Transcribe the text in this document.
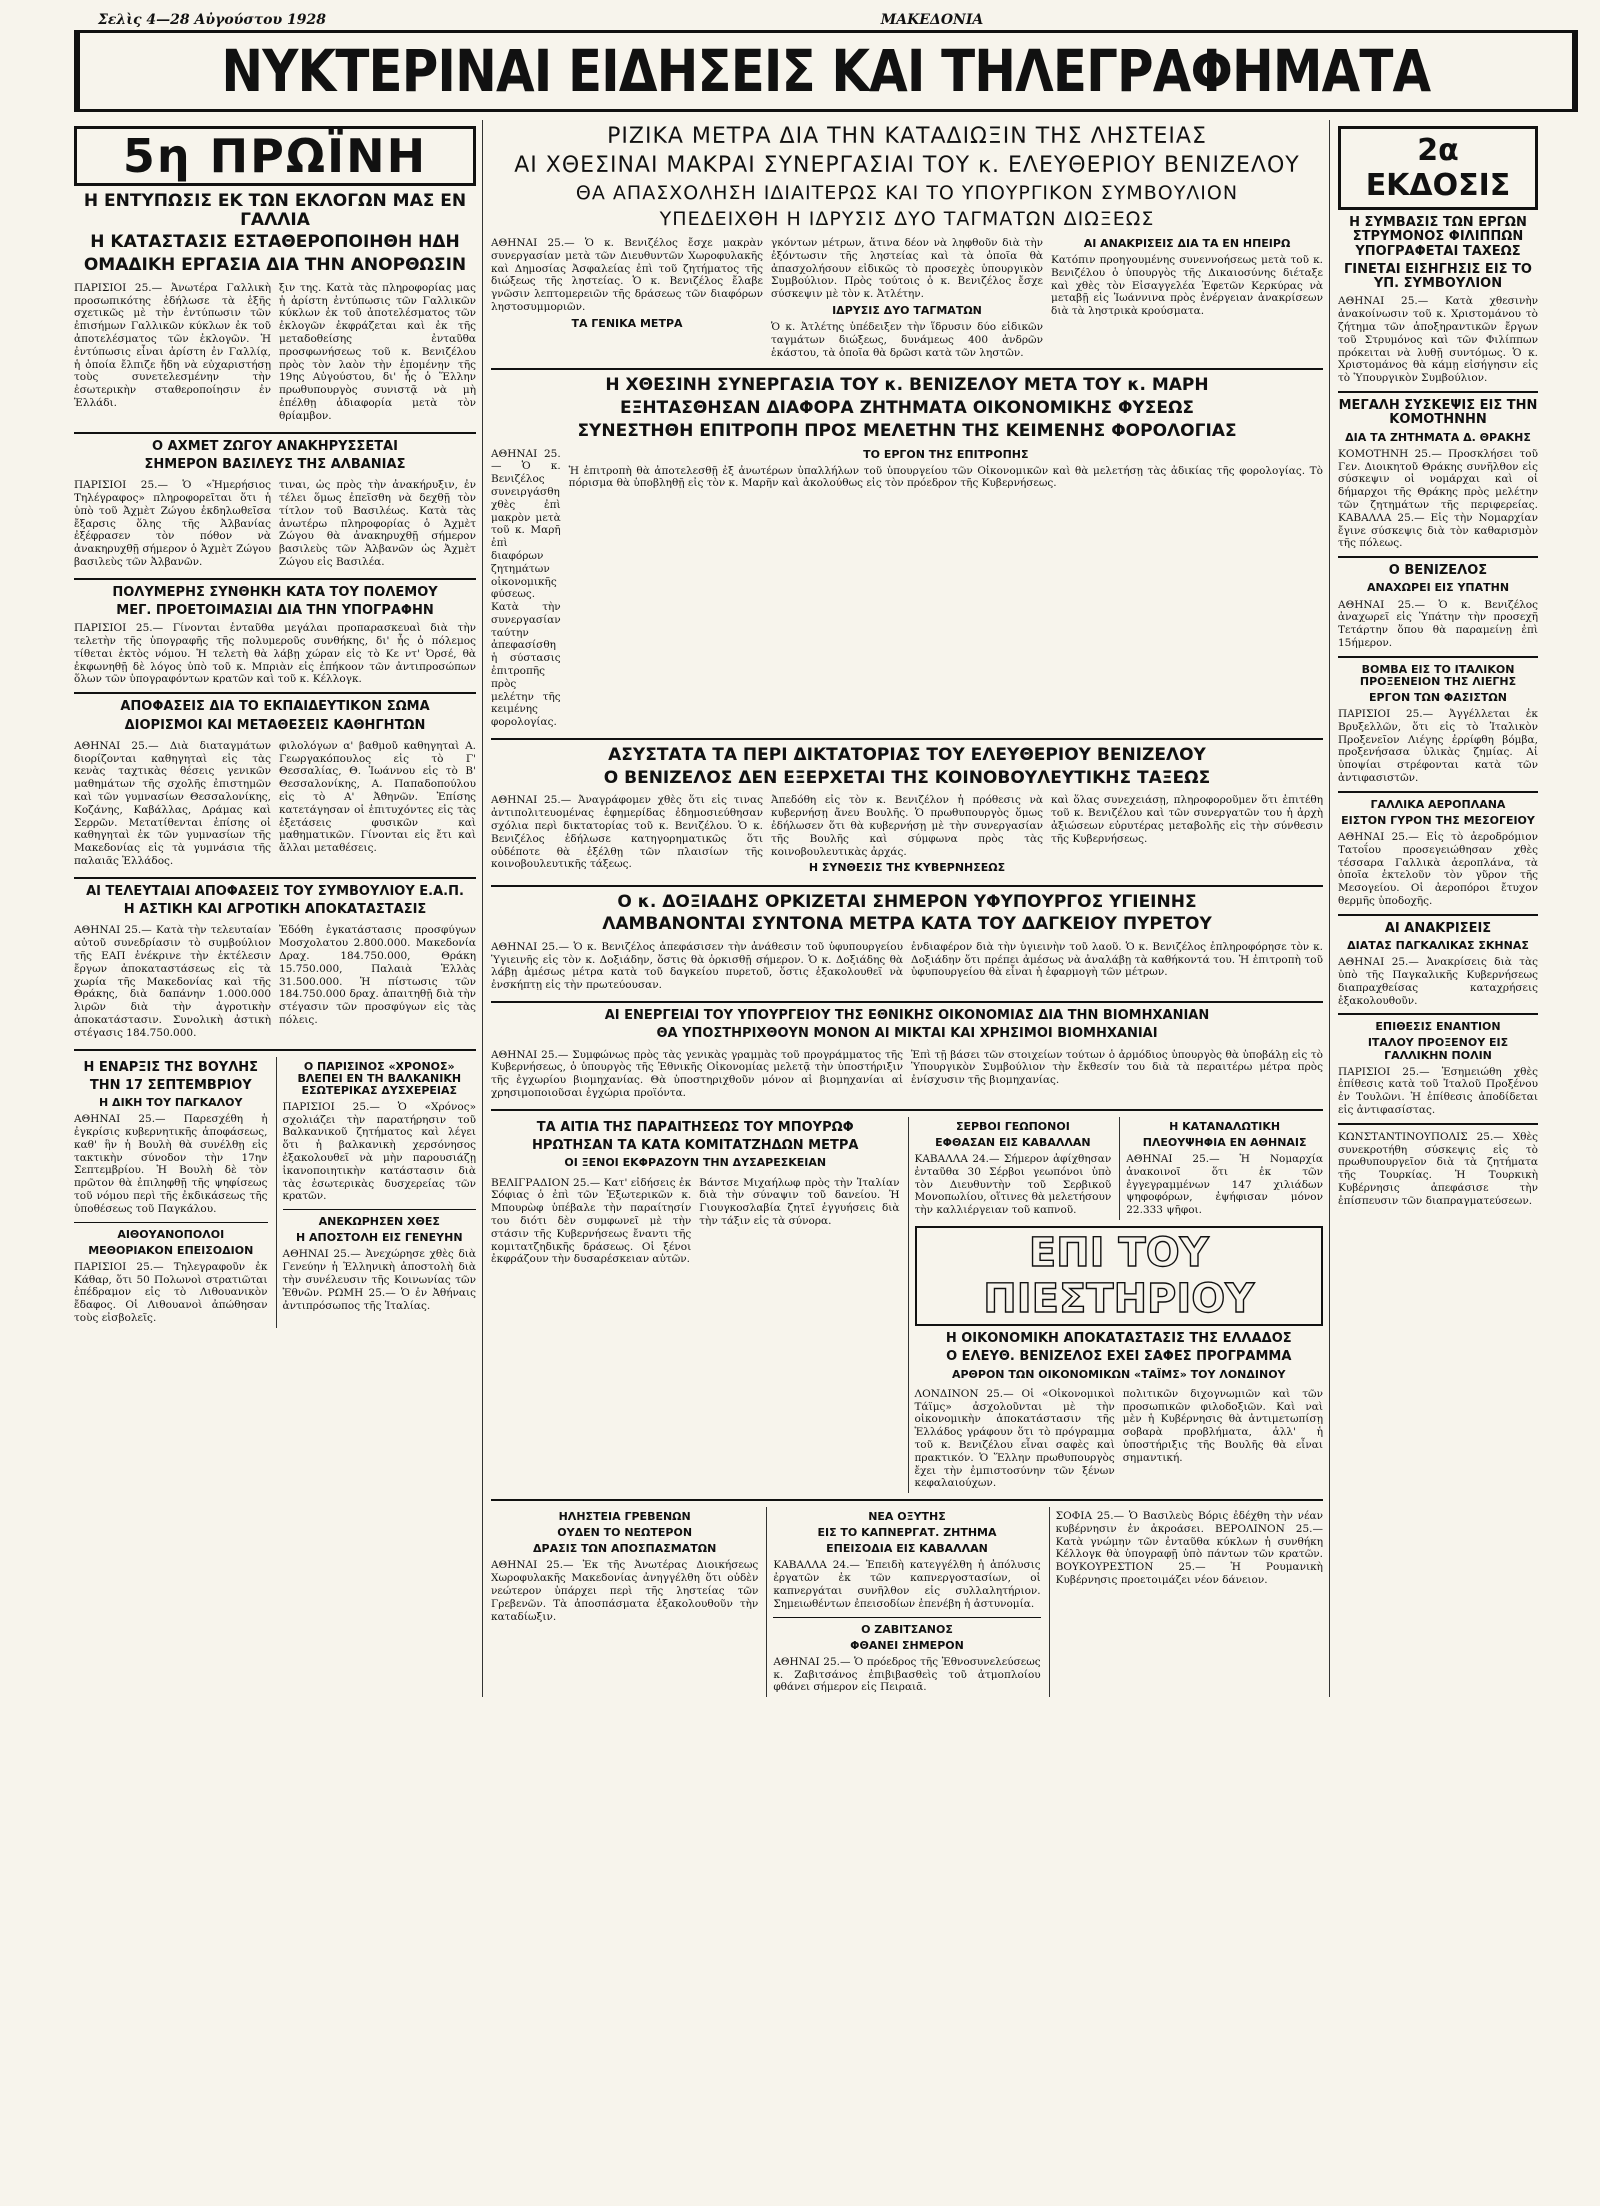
Σελὶς 4—28 Αὐγούστου 1928	ΜΑΚΕΔΟΝΙΑ
ΝΥΚΤΕΡΙΝΑΙ ΕΙΔΗΣΕΙΣ ΚΑΙ ΤΗΛΕΓΡΑΦΗΜΑΤΑ
5η ΠΡΩΪΝΗ
Η ΕΝΤΥΠΩΣΙΣ ΕΚ ΤΩΝ ΕΚΛΟΓΩΝ ΜΑΣ ΕΝ ΓΑΛΛΙΑ
Η ΚΑΤΑΣΤΑΣΙΣ ΕΣΤΑΘΕΡΟΠΟΙΗΘΗ ΗΔΗ
ΟΜΑΔΙΚΗ ΕΡΓΑΣΙΑ ΔΙΑ ΤΗΝ ΑΝΟΡΘΩΣΙΝ
ΠΑΡΙΣΙΟΙ 25.— Ἀνωτέρα Γαλλικὴ προσωπικότης ἐδήλωσε τὰ ἑξῆς σχετικῶς μὲ τὴν ἐντύπωσιν τῶν ἐπισήμων Γαλλικῶν κύκλων ἐκ τοῦ ἀποτελέσματος τῶν ἐκλογῶν. Ἡ ἐντύπωσις εἶναι ἀρίστη ἐν Γαλλίᾳ, ἡ ὁποία ἔλπιζε ἤδη νὰ εὐχαριστήσῃ τοὺς συνετελεσμένην τὴν ἐσωτερικὴν σταθεροποίησιν ἐν Ἑλλάδι.
ξιν της. Κατὰ τὰς πληροφορίας μας ἡ ἀρίστη ἐντύπωσις τῶν Γαλλικῶν κύκλων ἐκ τοῦ ἀποτελέσματος τῶν ἐκλογῶν ἐκφράζεται καὶ ἐκ τῆς μεταδοθείσης ἐνταῦθα προσφωνήσεως τοῦ κ. Βενιζέλου πρὸς τὸν λαὸν τὴν ἐπομένην τῆς 19ης Αὐγούστου, δι' ἧς ὁ Ἕλλην πρωθυπουργὸς συνιστᾷ νὰ μὴ ἐπέλθῃ ἀδιαφορία μετὰ τὸν θρίαμβον.
Ο ΑΧΜΕΤ ΖΩΓΟΥ ΑΝΑΚΗΡΥΣΣΕΤΑΙ
ΣΗΜΕΡΟΝ ΒΑΣΙΛΕΥΣ ΤΗΣ ΑΛΒΑΝΙΑΣ
ΠΑΡΙΣΙΟΙ 25.— Ὁ «Ἡμερήσιος Τηλέγραφος» πληροφορεῖται ὅτι ἡ ὑπὸ τοῦ Ἀχμὲτ Ζώγου ἐκδηλωθεῖσα ἔξαρσις ὅλης τῆς Ἀλβανίας ἐξέφρασεν τὸν πόθον νὰ ἀνακηρυχθῇ σήμερον ὁ Ἀχμὲτ Ζώγου βασιλεὺς τῶν Ἀλβανῶν.
τιναι, ὡς πρὸς τὴν ἀνακήρυξιν, ἐν τέλει ὅμως ἐπεῖσθη νὰ δεχθῇ τὸν τίτλον τοῦ Βασιλέως. Κατὰ τὰς ἀνωτέρω πληροφορίας ὁ Ἀχμὲτ Ζώγου θὰ ἀνακηρυχθῇ σήμερον βασιλεὺς τῶν Ἀλβανῶν ὡς Ἀχμὲτ Ζώγου εἰς Βασιλέα.
ΠΟΛΥΜΕΡΗΣ ΣΥΝΘΗΚΗ ΚΑΤΑ ΤΟΥ ΠΟΛΕΜΟΥ
ΜΕΓ. ΠΡΟΕΤΟΙΜΑΣΙΑΙ ΔΙΑ ΤΗΝ ΥΠΟΓΡΑΦΗΝ
ΠΑΡΙΣΙΟΙ 25.— Γίνονται ἐνταῦθα μεγάλαι προπαρασκευαὶ διὰ τὴν τελετὴν τῆς ὑπογραφῆς τῆς πολυμεροῦς συνθήκης, δι' ἧς ὁ πόλεμος τίθεται ἐκτὸς νόμου. Ἡ τελετὴ θὰ λάβῃ χώραν εἰς τὸ Κε ντ' Ὀρσέ, θὰ ἐκφωνηθῇ δὲ λόγος ὑπὸ τοῦ κ. Μπριὰν εἰς ἐπήκοον τῶν ἀντιπροσώπων ὅλων τῶν ὑπογραφόντων κρατῶν καὶ τοῦ κ. Κέλλογκ.
ΑΠΟΦΑΣΕΙΣ ΔΙΑ ΤΟ ΕΚΠΑΙΔΕΥΤΙΚΟΝ ΣΩΜΑ
ΔΙΟΡΙΣΜΟΙ ΚΑΙ ΜΕΤΑΘΕΣΕΙΣ ΚΑΘΗΓΗΤΩΝ
ΑΘΗΝΑΙ 25.— Διὰ διαταγμάτων διορίζονται καθηγηταὶ εἰς τὰς κενὰς ταχτικὰς θέσεις γενικῶν μαθημάτων τῆς σχολῆς ἐπιστημῶν καὶ τῶν γυμνασίων Θεσσαλονίκης, Κοζάνης, Καβάλλας, Δράμας καὶ Σερρῶν. Μετατίθενται ἐπίσης οἱ καθηγηταὶ ἐκ τῶν γυμνασίων τῆς Μακεδονίας εἰς τὰ γυμνάσια τῆς παλαιᾶς Ἑλλάδος.
φιλολόγων α' βαθμοῦ καθηγηταὶ Α. Γεωργακόπουλος εἰς τὸ Γ' Θεσσαλίας, Θ. Ἰωάννου εἰς τὸ Β' Θεσσαλονίκης, Α. Παπαδοπούλου εἰς τὸ Α' Ἀθηνῶν. Ἐπίσης κατετάγησαν οἱ ἐπιτυχόντες εἰς τὰς ἐξετάσεις φυσικῶν καὶ μαθηματικῶν. Γίνονται εἰς ἔτι καὶ ἄλλαι μεταθέσεις.
ΑΙ ΤΕΛΕΥΤΑΙΑΙ ΑΠΟΦΑΣΕΙΣ ΤΟΥ ΣΥΜΒΟΥΛΙΟΥ Ε.Α.Π.
Η ΑΣΤΙΚΗ ΚΑΙ ΑΓΡΟΤΙΚΗ ΑΠΟΚΑΤΑΣΤΑΣΙΣ
ΑΘΗΝΑΙ 25.— Κατὰ τὴν τελευταίαν αὐτοῦ συνεδρίασιν τὸ συμβούλιον τῆς ΕΑΠ ἐνέκρινε τὴν ἐκτέλεσιν ἔργων ἀποκαταστάσεως εἰς τὰ χωρία τῆς Μακεδονίας καὶ τῆς Θράκης, διὰ δαπάνην 1.000.000 λιρῶν διὰ τὴν ἀγροτικὴν ἀποκατάστασιν. Συνολικὴ ἀστικὴ στέγασις 184.750.000.
Ἐδόθη ἐγκατάστασις προσφύγων Μοσχολατου 2.800.000. Μακεδονία Δραχ. 184.750.000, Θράκη 15.750.000, Παλαιὰ Ἑλλὰς 31.500.000. Ἡ πίστωσις τῶν 184.750.000 δραχ. ἀπαιτηθῇ διὰ τὴν στέγασιν τῶν προσφύγων εἰς τὰς πόλεις.
Η ΕΝΑΡΞΙΣ ΤΗΣ ΒΟΥΛΗΣ
ΤΗΝ 17 ΣΕΠΤΕΜΒΡΙΟΥ
Η ΔΙΚΗ ΤΟΥ ΠΑΓΚΑΛΟΥ
ΑΘΗΝΑΙ 25.— Παρεσχέθη ἡ ἐγκρίσις κυβερνητικῆς ἀποφάσεως, καθ' ἣν ἡ Βουλὴ θὰ συνέλθῃ εἰς τακτικὴν σύνοδον τὴν 17ην Σεπτεμβρίου. Ἡ Βουλὴ δὲ τὸν πρῶτον θὰ ἐπιληφθῇ τῆς ψηφίσεως τοῦ νόμου περὶ τῆς ἐκδικάσεως τῆς ὑποθέσεως τοῦ Παγκάλου.
ΑΙΘΟΥΑΝΟΠΟΛΟΙ
ΜΕΘΟΡΙΑΚΟΝ ΕΠΕΙΣΟΔΙΟΝ
ΠΑΡΙΣΙΟΙ 25.— Τηλεγραφοῦν ἐκ Κάθαρ, ὅτι 50 Πολωνοὶ στρατιῶται ἐπέδραμον εἰς τὸ Λιθουανικὸν ἔδαφος. Οἱ Λιθουανοὶ ἀπώθησαν τοὺς εἰσβολεῖς.
Ο ΠΑΡΙΣΙΝΟΣ «ΧΡΟΝΟΣ» ΒΛΕΠΕΙ ΕΝ ΤΗ ΒΑΛΚΑΝΙΚΗ ΕΣΩΤΕΡΙΚΑΣ ΔΥΣΧΕΡΕΙΑΣ
ΠΑΡΙΣΙΟΙ 25.— Ὁ «Χρόνος» σχολιάζει τὴν παρατήρησιν τοῦ Βαλκανικοῦ ζητήματος καὶ λέγει ὅτι ἡ βαλκανικὴ χερσόνησος ἐξακολουθεῖ νὰ μὴν παρουσιάζῃ ἰκανοποιητικὴν κατάστασιν διὰ τὰς ἐσωτερικὰς δυσχερείας τῶν κρατῶν.
ΑΝΕΚΩΡΗΣΕΝ ΧΘΕΣ
Η ΑΠΟΣΤΟΛΗ ΕΙΣ ΓΕΝΕΥΗΝ
ΑΘΗΝΑΙ 25.— Ἀνεχώρησε χθὲς διὰ Γενεύην ἡ Ἑλληνικὴ ἀποστολὴ διὰ τὴν συνέλευσιν τῆς Κοινωνίας τῶν Ἐθνῶν. ΡΩΜΗ 25.— Ὁ ἐν Ἀθήναις ἀντιπρόσωπος τῆς Ἰταλίας.
ΡΙΖΙΚΑ ΜΕΤΡΑ ΔΙΑ ΤΗΝ ΚΑΤΑΔΙΩΞΙΝ ΤΗΣ ΛΗΣΤΕΙΑΣ
ΑΙ ΧΘΕΣΙΝΑΙ ΜΑΚΡΑΙ ΣΥΝΕΡΓΑΣΙΑΙ ΤΟΥ κ. ΕΛΕΥΘΕΡΙΟΥ ΒΕΝΙΖΕΛΟΥ
ΘΑ ΑΠΑΣΧΟΛΗΣΗ ΙΔΙΑΙΤΕΡΩΣ ΚΑΙ ΤΟ ΥΠΟΥΡΓΙΚΟΝ ΣΥΜΒΟΥΛΙΟΝ
ΥΠΕΔΕΙΧΘΗ Η ΙΔΡΥΣΙΣ ΔΥΟ ΤΑΓΜΑΤΩΝ ΔΙΩΞΕΩΣ
ΑΘΗΝΑΙ 25.— Ὁ κ. Βενιζέλος ἔσχε μακρὰν συνεργασίαν μετὰ τῶν Διευθυντῶν Χωροφυλακῆς καὶ Δημοσίας Ἀσφαλείας ἐπὶ τοῦ ζητήματος τῆς διώξεως τῆς ληστείας. Ὁ κ. Βενιζέλος ἔλαβε γνῶσιν λεπτομερειῶν τῆς δράσεως τῶν διαφόρων ληστοσυμμοριῶν.
ΤΑ ΓΕΝΙΚΑ ΜΕΤΡΑ
γκόντων μέτρων, ἅτινα δέον νὰ ληφθοῦν διὰ τὴν ἐξόντωσιν τῆς ληστείας καὶ τὰ ὁποῖα θὰ ἀπασχολήσουν εἰδικῶς τὸ προσεχὲς ὑπουργικὸν Συμβούλιον. Πρὸς τούτοις ὁ κ. Βενιζέλος ἔσχε σύσκεψιν μὲ τὸν κ. Ἀτλέτην.
ΙΔΡΥΣΙΣ ΔΥΟ ΤΑΓΜΑΤΩΝ
Ὁ κ. Ἀτλέτης ὑπέδειξεν τὴν ἵδρυσιν δύο εἰδικῶν ταγμάτων διώξεως, δυνάμεως 400 ἀνδρῶν ἑκάστου, τὰ ὁποῖα θὰ δρῶσι κατὰ τῶν ληστῶν.
ΑΙ ΑΝΑΚΡΙΣΕΙΣ ΔΙΑ ΤΑ ΕΝ ΗΠΕΙΡΩ
Κατόπιν προηγουμένης συνεννοήσεως μετὰ τοῦ κ. Βενιζέλου ὁ ὑπουργὸς τῆς Δικαιοσύνης διέταξε καὶ χθὲς τὸν Εἰσαγγελέα Ἐφετῶν Κερκύρας νὰ μεταβῇ εἰς Ἰωάννινα πρὸς ἐνέργειαν ἀνακρίσεων διὰ τὰ ληστρικὰ κρούσματα.
Η ΧΘΕΣΙΝΗ ΣΥΝΕΡΓΑΣΙΑ ΤΟΥ κ. ΒΕΝΙΖΕΛΟΥ ΜΕΤΑ ΤΟΥ κ. ΜΑΡΗ
ΕΞΗΤΑΣΘΗΣΑΝ ΔΙΑΦΟΡΑ ΖΗΤΗΜΑΤΑ ΟΙΚΟΝΟΜΙΚΗΣ ΦΥΣΕΩΣ
ΣΥΝΕΣΤΗΘΗ ΕΠΙΤΡΟΠΗ ΠΡΟΣ ΜΕΛΕΤΗΝ ΤΗΣ ΚΕΙΜΕΝΗΣ ΦΟΡΟΛΟΓΙΑΣ
ΑΘΗΝΑΙ 25.— Ὁ κ. Βενιζέλος συνειργάσθη χθὲς ἐπὶ μακρὸν μετὰ τοῦ κ. Μαρῆ ἐπὶ διαφόρων ζητημάτων οἰκονομικῆς φύσεως. Κατὰ τὴν συνεργασίαν ταύτην ἀπεφασίσθη ἡ σύστασις ἐπιτροπῆς πρὸς μελέτην τῆς κειμένης φορολογίας.
ΤΟ ΕΡΓΟΝ ΤΗΣ ΕΠΙΤΡΟΠΗΣ
Ἡ ἐπιτροπὴ θὰ ἀποτελεσθῇ ἐξ ἀνωτέρων ὑπαλλήλων τοῦ ὑπουργείου τῶν Οἰκονομικῶν καὶ θὰ μελετήσῃ τὰς ἀδικίας τῆς φορολογίας. Τὸ πόρισμα θὰ ὑποβληθῇ εἰς τὸν κ. Μαρῆν καὶ ἀκολούθως εἰς τὸν πρόεδρον τῆς Κυβερνήσεως.
ΑΣΥΣΤΑΤΑ ΤΑ ΠΕΡΙ ΔΙΚΤΑΤΟΡΙΑΣ ΤΟΥ ΕΛΕΥΘΕΡΙΟΥ ΒΕΝΙΖΕΛΟΥ
Ο ΒΕΝΙΖΕΛΟΣ ΔΕΝ ΕΞΕΡΧΕΤΑΙ ΤΗΣ ΚΟΙΝΟΒΟΥΛΕΥΤΙΚΗΣ ΤΑΞΕΩΣ
ΑΘΗΝΑΙ 25.— Ἀναγράφομεν χθὲς ὅτι εἰς τινας ἀντιπολιτευομένας ἐφημερίδας ἐδημοσιεύθησαν σχόλια περὶ δικτατορίας τοῦ κ. Βενιζέλου. Ὁ κ. Βενιζέλος ἐδήλωσε κατηγορηματικῶς ὅτι οὐδέποτε θὰ ἐξέλθῃ τῶν πλαισίων τῆς κοινοβουλευτικῆς τάξεως.
Ἀπεδόθη εἰς τὸν κ. Βενιζέλον ἡ πρόθεσις νὰ κυβερνήσῃ ἄνευ Βουλῆς. Ὁ πρωθυπουργὸς ὅμως ἐδήλωσεν ὅτι θὰ κυβερνήσῃ μὲ τὴν συνεργασίαν τῆς Βουλῆς καὶ σύμφωνα πρὸς τὰς κοινοβουλευτικὰς ἀρχάς.
Η ΣΥΝΘΕΣΙΣ ΤΗΣ ΚΥΒΕΡΝΗΣΕΩΣ
καὶ ὅλας συνεχειάσῃ, πληροφοροῦμεν ὅτι ἐπιτέθη τοῦ κ. Βενιζέλου καὶ τῶν συνεργατῶν του ἡ ἀρχὴ ἀξιώσεων εὐρυτέρας μεταβολῆς εἰς τὴν σύνθεσιν τῆς Κυβερνήσεως.
Ο κ. ΔΟΞΙΑΔΗΣ ΟΡΚΙΖΕΤΑΙ ΣΗΜΕΡΟΝ ΥΦΥΠΟΥΡΓΟΣ ΥΓΙΕΙΝΗΣ
ΛΑΜΒΑΝΟΝΤΑΙ ΣΥΝΤΟΝΑ ΜΕΤΡΑ ΚΑΤΑ ΤΟΥ ΔΑΓΚΕΙΟΥ ΠΥΡΕΤΟΥ
ΑΘΗΝΑΙ 25.— Ὁ κ. Βενιζέλος ἀπεφάσισεν τὴν ἀνάθεσιν τοῦ ὑφυπουργείου Ὑγιεινῆς εἰς τὸν κ. Δοξιάδην, ὅστις θὰ ὁρκισθῇ σήμερον. Ὁ κ. Δοξιάδης θὰ λάβῃ ἀμέσως μέτρα κατὰ τοῦ δαγκείου πυρετοῦ, ὅστις ἐξακολουθεῖ νὰ ἐνσκήπτῃ εἰς τὴν πρωτεύουσαν.
ἐνδιαφέρον διὰ τὴν ὑγιεινὴν τοῦ λαοῦ. Ὁ κ. Βενιζέλος ἐπληροφόρησε τὸν κ. Δοξιάδην ὅτι πρέπει ἀμέσως νὰ ἀναλάβῃ τὰ καθήκοντά του. Ἡ ἐπιτροπὴ τοῦ ὑφυπουργείου θὰ εἶναι ἡ ἐφαρμογὴ τῶν μέτρων.
ΑΙ ΕΝΕΡΓΕΙΑΙ ΤΟΥ ΥΠΟΥΡΓΕΙΟΥ ΤΗΣ ΕΘΝΙΚΗΣ ΟΙΚΟΝΟΜΙΑΣ ΔΙΑ ΤΗΝ ΒΙΟΜΗΧΑΝΙΑΝ
ΘΑ ΥΠΟΣΤΗΡΙΧΘΟΥΝ ΜΟΝΟΝ ΑΙ ΜΙΚΤΑΙ ΚΑΙ ΧΡΗΣΙΜΟΙ ΒΙΟΜΗΧΑΝΙΑΙ
ΑΘΗΝΑΙ 25.— Συμφώνως πρὸς τὰς γενικὰς γραμμὰς τοῦ προγράμματος τῆς Κυβερνήσεως, ὁ ὑπουργὸς τῆς Ἐθνικῆς Οἰκονομίας μελετᾷ τὴν ὑποστήριξιν τῆς ἐγχωρίου βιομηχανίας. Θὰ ὑποστηριχθοῦν μόνον αἱ βιομηχανίαι αἱ χρησιμοποιοῦσαι ἐγχώρια προϊόντα.
Ἐπὶ τῇ βάσει τῶν στοιχείων τούτων ὁ ἀρμόδιος ὑπουργὸς θὰ ὑποβάλῃ εἰς τὸ Ὑπουργικὸν Συμβούλιον τὴν ἔκθεσίν του διὰ τὰ περαιτέρω μέτρα πρὸς ἐνίσχυσιν τῆς βιομηχανίας.
ΤΑ ΑΙΤΙΑ ΤΗΣ ΠΑΡΑΙΤΗΣΕΩΣ ΤΟΥ ΜΠΟΥΡΩΦ
ΗΡΩΤΗΣΑΝ ΤΑ ΚΑΤΑ ΚΟΜΙΤΑΤΖΗΔΩΝ ΜΕΤΡΑ
ΟΙ ΞΕΝΟΙ ΕΚΦΡΑΖΟΥΝ ΤΗΝ ΔΥΣΑΡΕΣΚΕΙΑΝ
ΒΕΛΙΓΡΑΔΙΟΝ 25.— Κατ' εἰδήσεις ἐκ Σόφιας ὁ ἐπὶ τῶν Ἐξωτερικῶν κ. Μπουρὼφ ὑπέβαλε τὴν παραίτησίν του διότι δὲν συμφωνεῖ μὲ τὴν στάσιν τῆς Κυβερνήσεως ἔναντι τῆς κομιτατζηδικῆς δράσεως. Οἱ ξένοι ἐκφράζουν τὴν δυσαρέσκειαν αὐτῶν.
Βάντσε Μιχαήλωφ πρὸς τὴν Ἰταλίαν διὰ τὴν σύναψιν τοῦ δανείου. Ἡ Γιουγκοσλαβία ζητεῖ ἐγγυήσεις διὰ τὴν τάξιν εἰς τὰ σύνορα.
ΣΕΡΒΟΙ ΓΕΩΠΟΝΟΙ
ΕΦΘΑΣΑΝ ΕΙΣ ΚΑΒΑΛΛΑΝ
ΚΑΒΑΛΛΑ 24.— Σήμερον ἀφίχθησαν ἐνταῦθα 30 Σέρβοι γεωπόνοι ὑπὸ τὸν Διευθυντὴν τοῦ Σερβικοῦ Μονοπωλίου, οἵτινες θὰ μελετήσουν τὴν καλλιέργειαν τοῦ καπνοῦ.
Η ΚΑΤΑΝΑΛΩΤΙΚΗ
ΠΛΕΟΥΨΗΦΙΑ ΕΝ ΑΘΗΝΑΙΣ
ΑΘΗΝΑΙ 25.— Ἡ Νομαρχία ἀνακοινοῖ ὅτι ἐκ τῶν ἐγγεγραμμένων 147 χιλιάδων ψηφοφόρων, ἐψήφισαν μόνον 22.333 ψῆφοι.
ΕΠΙ ΤΟΥ ΠΙΕΣΤΗΡΙΟΥ
Η ΟΙΚΟΝΟΜΙΚΗ ΑΠΟΚΑΤΑΣΤΑΣΙΣ ΤΗΣ ΕΛΛΑΔΟΣ
Ο ΕΛΕΥΘ. ΒΕΝΙΖΕΛΟΣ ΕΧΕΙ ΣΑΦΕΣ ΠΡΟΓΡΑΜΜΑ
ΑΡΘΡΟΝ ΤΩΝ ΟΙΚΟΝΟΜΙΚΩΝ «ΤΑΪΜΣ» ΤΟΥ ΛΟΝΔΙΝΟΥ
ΛΟΝΔΙΝΟΝ 25.— Οἱ «Οἰκονομικοὶ Τάϊμς» ἀσχολοῦνται μὲ τὴν οἰκονομικὴν ἀποκατάστασιν τῆς Ἑλλάδος γράφουν ὅτι τὸ πρόγραμμα τοῦ κ. Βενιζέλου εἶναι σαφὲς καὶ πρακτικόν. Ὁ Ἕλλην πρωθυπουργὸς ἔχει τὴν ἐμπιστοσύνην τῶν ξένων κεφαλαιούχων.
πολιτικῶν διχογνωμιῶν καὶ τῶν προσωπικῶν φιλοδοξιῶν. Καὶ ναὶ μὲν ἡ Κυβέρνησις θὰ ἀντιμετωπίσῃ σοβαρὰ προβλήματα, ἀλλ' ἡ ὑποστήριξις τῆς Βουλῆς θὰ εἶναι σημαντική.
ΗΛΗΣΤΕΙΑ ΓΡΕΒΕΝΩΝ
ΟΥΔΕΝ ΤΟ ΝΕΩΤΕΡΟΝ
ΔΡΑΣΙΣ ΤΩΝ ΑΠΟΣΠΑΣΜΑΤΩΝ
ΑΘΗΝΑΙ 25.— Ἐκ τῆς Ἀνωτέρας Διοικήσεως Χωροφυλακῆς Μακεδονίας ἀνηγγέλθη ὅτι οὐδὲν νεώτερον ὑπάρχει περὶ τῆς ληστείας τῶν Γρεβενῶν. Τὰ ἀποσπάσματα ἐξακολουθοῦν τὴν καταδίωξιν.
ΝΕΑ ΟΞΥΤΗΣ
ΕΙΣ ΤΟ ΚΑΠΝΕΡΓΑΤ. ΖΗΤΗΜΑ
ΕΠΕΙΣΟΔΙΑ ΕΙΣ ΚΑΒΑΛΛΑΝ
ΚΑΒΑΛΛΑ 24.— Ἐπειδὴ κατεγγέλθη ἡ ἀπόλυσις ἐργατῶν ἐκ τῶν καπνεργοστασίων, οἱ καπνεργάται συνῆλθον εἰς συλλαλητήριον. Σημειωθέντων ἐπεισοδίων ἐπενέβη ἡ ἀστυνομία.
Ο ΖΑΒΙΤΣΑΝΟΣ
ΦΘΑΝΕΙ ΣΗΜΕΡΟΝ
ΑΘΗΝΑΙ 25.— Ὁ πρόεδρος τῆς Ἐθνοσυνελεύσεως κ. Ζαβιτσάνος ἐπιβιβασθεὶς τοῦ ἀτμοπλοίου φθάνει σήμερον εἰς Πειραιᾶ.
ΣΟΦΙΑ 25.— Ὁ Βασιλεὺς Βόρις ἐδέχθη τὴν νέαν κυβέρνησιν ἐν ἀκροάσει. ΒΕΡΟΛΙΝΟΝ 25.— Κατὰ γνώμην τῶν ἐνταῦθα κύκλων ἡ συνθήκη Κέλλογκ θὰ ὑπογραφῇ ὑπὸ πάντων τῶν κρατῶν. ΒΟΥΚΟΥΡΕΣΤΙΟΝ 25.— Ἡ Ρουμανικὴ Κυβέρνησις προετοιμάζει νέον δάνειον.
2α ΕΚΔΟΣΙΣ
Η ΣΥΜΒΑΣΙΣ ΤΩΝ ΕΡΓΩΝ ΣΤΡΥΜΟΝΟΣ ΦΙΛΙΠΠΩΝ ΥΠΟΓΡΑΦΕΤΑΙ ΤΑΧΕΩΣ
ΓΙΝΕΤΑΙ ΕΙΣΗΓΗΣΙΣ ΕΙΣ ΤΟ ΥΠ. ΣΥΜΒΟΥΛΙΟΝ
ΑΘΗΝΑΙ 25.— Κατὰ χθεσινὴν ἀνακοίνωσιν τοῦ κ. Χριστομάνου τὸ ζήτημα τῶν ἀποξηραντικῶν ἔργων τοῦ Στρυμόνος καὶ τῶν Φιλίππων πρόκειται νὰ λυθῇ συντόμως. Ὁ κ. Χριστομάνος θὰ κάμῃ εἰσήγησιν εἰς τὸ Ὑπουργικὸν Συμβούλιον.
ΜΕΓΑΛΗ ΣΥΣΚΕΨΙΣ ΕΙΣ ΤΗΝ ΚΟΜΟΤΗΝΗΝ
ΔΙΑ ΤΑ ΖΗΤΗΜΑΤΑ Δ. ΘΡΑΚΗΣ
ΚΟΜΟΤΗΝΗ 25.— Προσκλήσει τοῦ Γεν. Διοικητοῦ Θράκης συνῆλθον εἰς σύσκεψιν οἱ νομάρχαι καὶ οἱ δήμαρχοι τῆς Θράκης πρὸς μελέτην τῶν ζητημάτων τῆς περιφερείας. ΚΑΒΑΛΛΑ 25.— Εἰς τὴν Νομαρχίαν ἔγινε σύσκεψις διὰ τὸν καθαρισμὸν τῆς πόλεως.
Ο ΒΕΝΙΖΕΛΟΣ
ΑΝΑΧΩΡΕΙ ΕΙΣ ΥΠΑΤΗΝ
ΑΘΗΝΑΙ 25.— Ὁ κ. Βενιζέλος ἀναχωρεῖ εἰς Ὑπάτην τὴν προσεχῆ Τετάρτην ὅπου θὰ παραμείνῃ ἐπὶ 15ήμερον.
ΒΟΜΒΑ ΕΙΣ ΤΟ ΙΤΑΛΙΚΟΝ ΠΡΟΞΕΝΕΙΟΝ ΤΗΣ ΛΙΕΓΗΣ
ΕΡΓΟΝ ΤΩΝ ΦΑΣΙΣΤΩΝ
ΠΑΡΙΣΙΟΙ 25.— Ἀγγέλλεται ἐκ Βρυξελλῶν, ὅτι εἰς τὸ Ἰταλικὸν Προξενεῖον Λιέγης ἐρρίφθη βόμβα, προξενήσασα ὑλικὰς ζημίας. Αἱ ὑποψίαι στρέφονται κατὰ τῶν ἀντιφασιστῶν.
ΓΑΛΛΙΚΑ ΑΕΡΟΠΛΑΝΑ
ΕΙΣΤΟΝ ΓΥΡΟΝ ΤΗΣ ΜΕΣΟΓΕΙΟΥ
ΑΘΗΝΑΙ 25.— Εἰς τὸ ἀεροδρόμιον Τατοΐου προσεγειώθησαν χθὲς τέσσαρα Γαλλικὰ ἀεροπλάνα, τὰ ὁποῖα ἐκτελοῦν τὸν γῦρον τῆς Μεσογείου. Οἱ ἀεροπόροι ἔτυχον θερμῆς ὑποδοχῆς.
ΑΙ ΑΝΑΚΡΙΣΕΙΣ
ΔΙΑΤΑΣ ΠΑΓΚΑΛΙΚΑΣ ΣΚΗΝΑΣ
ΑΘΗΝΑΙ 25.— Ἀνακρίσεις διὰ τὰς ὑπὸ τῆς Παγκαλικῆς Κυβερνήσεως διαπραχθείσας καταχρήσεις ἐξακολουθοῦν.
ΕΠΙΘΕΣΙΣ ΕΝΑΝΤΙΟΝ
ΙΤΑΛΟΥ ΠΡΟΞΕΝΟΥ ΕΙΣ ΓΑΛΛΙΚΗΝ ΠΟΛΙΝ
ΠΑΡΙΣΙΟΙ 25.— Ἐσημειώθη χθὲς ἐπίθεσις κατὰ τοῦ Ἰταλοῦ Προξένου ἐν Τουλῶνι. Ἡ ἐπίθεσις ἀποδίδεται εἰς ἀντιφασίστας.
ΚΩΝΣΤΑΝΤΙΝΟΥΠΟΛΙΣ 25.— Χθὲς συνεκροτήθη σύσκεψις εἰς τὸ πρωθυπουργεῖον διὰ τὰ ζητήματα τῆς Τουρκίας. Ἡ Τουρκικὴ Κυβέρνησις ἀπεφάσισε τὴν ἐπίσπευσιν τῶν διαπραγματεύσεων.
